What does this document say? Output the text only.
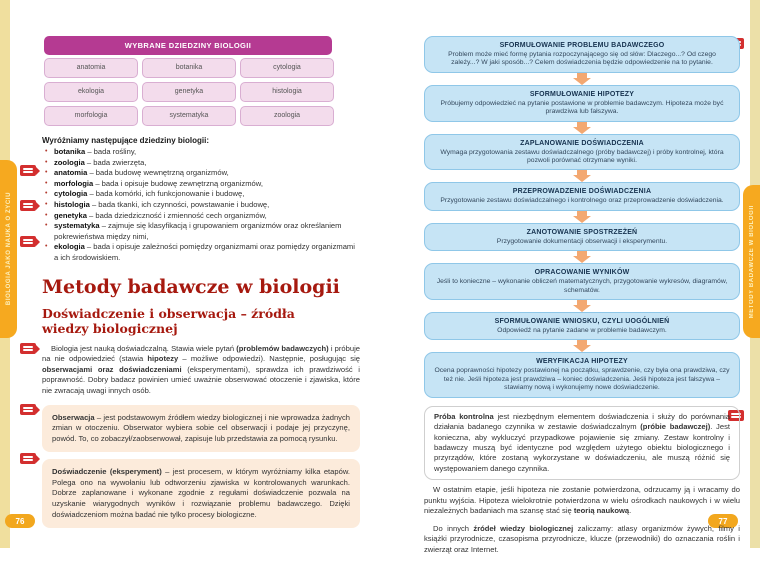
BIOLOGIA JAKO NAUKA O ŻYCIU	METODY BADAWCZE W BIOLOGII
76	77
WYBRANE DZIEDZINY BIOLOGII
anatomia	botanika	cytologia
ekologia	genetyka	histologia
morfologia	systematyka	zoologia
Wyróżniamy następujące dziedziny biologii:
• botanika – bada rośliny,
• zoologia – bada zwierzęta,
• anatomia – bada budowę wewnętrzną organizmów,
• morfologia – bada i opisuje budowę zewnętrzną organizmów,
• cytologia – bada komórki, ich funkcjonowanie i budowę,
• histologia – bada tkanki, ich czynności, powstawanie i budowę,
• genetyka – bada dziedziczność i zmienność cech organizmów,
• systematyka – zajmuje się klasyfikacją i grupowaniem organizmów oraz określaniem pokrewieństwa między nimi,
• ekologia – bada i opisuje zależności pomiędzy organizmami oraz pomiędzy organizmami a ich środowiskiem.
Metody badawcze w biologii
Doświadczenie i obserwacja – źródła wiedzy biologicznej

Biologia jest nauką doświadczalną. Stawia wiele pytań (problemów badawczych) i próbuje na nie odpowiedzieć (stawia hipotezy – możliwe odpowiedzi). Następnie, posługując się obserwacjami oraz doświadczeniami (eksperymentami), sprawdza ich prawdziwość i poprawność. Dobry badacz powinien umieć uważnie obserwować otoczenie i zjawiska, które nie zwracają uwagi innych osób.

Obserwacja – jest podstawowym źródłem wiedzy biologicznej i nie wprowadza żadnych zmian w otoczeniu. Obserwator wybiera sobie cel obserwacji i podaje jej przyczynę, powód. To, co zobaczył/zaobserwował, zapisuje lub przedstawia za pomocą rysunku.
Doświadczenie (eksperyment) – jest procesem, w którym wyróżniamy kilka etapów. Polega ono na wywołaniu lub odtworzeniu zjawiska w kontrolowanych warunkach. Dobrze zaplanowane i wykonane zgodnie z regułami doświadczenie pozwala na uzyskanie wiarygodnych wyników i rozwiązanie problemu badawczego. Dzięki doświadczeniom można badać nie tylko procesy biologiczne.
SFORMUŁOWANIE PROBLEMU BADAWCZEGO
Problem może mieć formę pytania rozpoczynającego się od słów: Dlaczego...? Od czego zależy...? W jaki sposób...? Celem doświadczenia będzie odpowiedzenie na to pytanie.
SFORMUŁOWANIE HIPOTEZY
Próbujemy odpowiedzieć na pytanie postawione w problemie badawczym. Hipoteza może być prawdziwa lub fałszywa.
ZAPLANOWANIE DOŚWIADCZENIA
Wymaga przygotowania zestawu doświadczalnego (próby badawczej) i próby kontrolnej, która pozwoli porównać otrzymane wyniki.
PRZEPROWADZENIE DOŚWIADCZENIA
Przygotowanie zestawu doświadczalnego i kontrolnego oraz przeprowadzenie doświadczenia.
ZANOTOWANIE SPOSTRZEŻEŃ
Przygotowanie dokumentacji obserwacji i eksperymentu.
OPRACOWANIE WYNIKÓW
Jeśli to konieczne – wykonanie obliczeń matematycznych, przygotowanie wykresów, diagramów, schematów.
SFORMUŁOWANIE WNIOSKU, CZYLI UOGÓLNIEŃ
Odpowiedź na pytanie zadane w problemie badawczym.
WERYFIKACJA HIPOTEZY
Ocena poprawności hipotezy postawionej na początku, sprawdzenie, czy była ona prawdziwa, czy też nie. Jeśli hipoteza jest prawdziwa – koniec doświadczenia. Jeśli hipoteza jest fałszywa – stawiamy nową i wykonujemy nowe doświadczenie.
Próba kontrolna jest niezbędnym elementem doświadczenia i służy do porównania działania badanego czynnika w zestawie doświadczalnym (próbie badawczej). Jest konieczna, aby wykluczyć przypadkowe pojawienie się zmiany. Zestaw kontrolny i badawczy muszą być identyczne pod względem użytego obiektu biologicznego i przyrządów, które zostaną wykorzystane w doświadczeniu, ale muszą różnić się występowaniem danego czynnika.

W ostatnim etapie, jeśli hipoteza nie zostanie potwierdzona, odrzucamy ją i wracamy do punktu wyjścia. Hipoteza wielokrotnie potwierdzona w wielu ośrodkach naukowych i w wielu niezależnych badaniach ma szansę stać się teorią naukową.

Do innych źródeł wiedzy biologicznej zaliczamy: atlasy organizmów żywych, filmy i książki przyrodnicze, czasopisma przyrodnicze, klucze (przewodniki) do oznaczania roślin i zwierząt oraz Internet.
